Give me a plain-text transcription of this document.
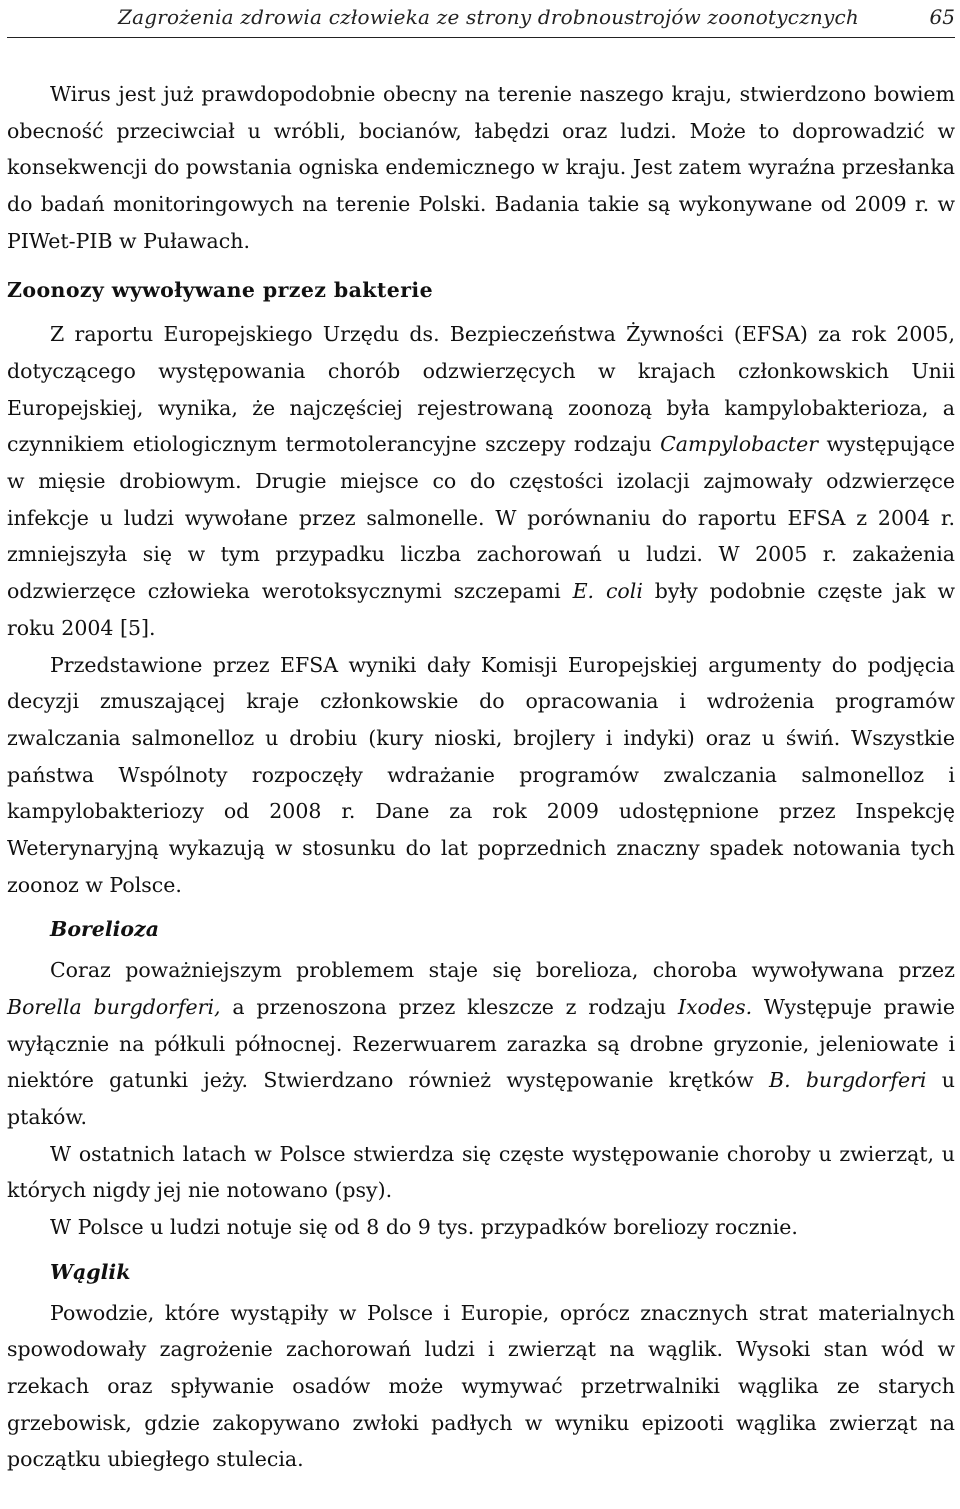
Zagrożenia zdrowia człowieka ze strony drobnoustrojów zoonotycznych	65

Wirus jest już prawdopodobnie obecny na terenie naszego kraju, stwierdzono bowiem obecność przeciwciał u wróbli, bocianów, łabędzi oraz ludzi. Może to doprowadzić w konsekwencji do powstania ogniska endemicznego w kraju. Jest zatem wyraźna przesłanka do badań monitoringowych na terenie Polski. Badania takie są wykonywane od 2009 r. w PIWet-PIB w Puławach.

Zoonozy wywoływane przez bakterie

Z raportu Europejskiego Urzędu ds. Bezpieczeństwa Żywności (EFSA) za rok 2005, dotyczącego występowania chorób odzwierzęcych w krajach członkowskich Unii Europejskiej, wynika, że najczęściej rejestrowaną zoonozą była kampylobakterioza, a czynnikiem etiologicznym termotolerancyjne szczepy rodzaju Campylobacter występujące w mięsie drobiowym. Drugie miejsce co do częstości izolacji zajmowały odzwierzęce infekcje u ludzi wywołane przez salmonelle. W porównaniu do raportu EFSA z 2004 r. zmniejszyła się w tym przypadku liczba zachorowań u ludzi. W 2005 r. zakażenia odzwierzęce człowieka werotoksycznymi szczepami E. coli były podobnie częste jak w roku 2004 [5].

Przedstawione przez EFSA wyniki dały Komisji Europejskiej argumenty do podjęcia decyzji zmuszającej kraje członkowskie do opracowania i wdrożenia programów zwalczania salmonelloz u drobiu (kury nioski, brojlery i indyki) oraz u świń. Wszystkie państwa Wspólnoty rozpoczęły wdrażanie programów zwalczania salmonelloz i kampylobakteriozy od 2008 r. Dane za rok 2009 udostępnione przez Inspekcję Weterynaryjną wykazują w stosunku do lat poprzednich znaczny spadek notowania tych zoonoz w Polsce.

Borelioza

Coraz poważniejszym problemem staje się borelioza, choroba wywoływana przez Borella burgdorferi, a przenoszona przez kleszcze z rodzaju Ixodes. Występuje prawie wyłącznie na półkuli północnej. Rezerwuarem zarazka są drobne gryzonie, jeleniowate i niektóre gatunki jeży. Stwierdzano również występowanie krętków B. burgdorferi u ptaków.

W ostatnich latach w Polsce stwierdza się częste występowanie choroby u zwierząt, u których nigdy jej nie notowano (psy).

W Polsce u ludzi notuje się od 8 do 9 tys. przypadków boreliozy rocznie.

Wąglik

Powodzie, które wystąpiły w Polsce i Europie, oprócz znacznych strat materialnych spowodowały zagrożenie zachorowań ludzi i zwierząt na wąglik. Wysoki stan wód w rzekach oraz spływanie osadów może wymywać przetrwalniki wąglika ze starych grzebowisk, gdzie zakopywano zwłoki padłych w wyniku epizooti wąglika zwierząt na początku ubiegłego stulecia.
